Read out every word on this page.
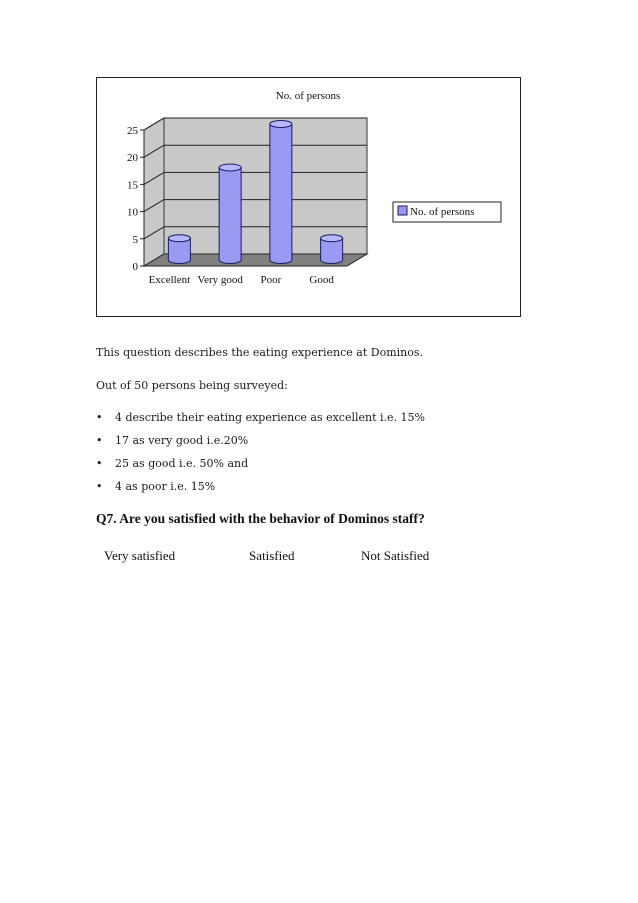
0
5
10
15
20
25
Excellent Very good Poor	Good
No. of persons
No. of persons
This question describes the eating experience at Dominos.
Out of 50 persons being surveyed:
• 4 describe their eating experience as excellent i.e. 15%
• 17 as very good i.e.20%
• 25 as good i.e. 50% and
• 4 as poor i.e. 15%
Q7. Are you satisfied with the behavior of Dominos staff?
Very satisfied	Satisfied	Not Satisfied
